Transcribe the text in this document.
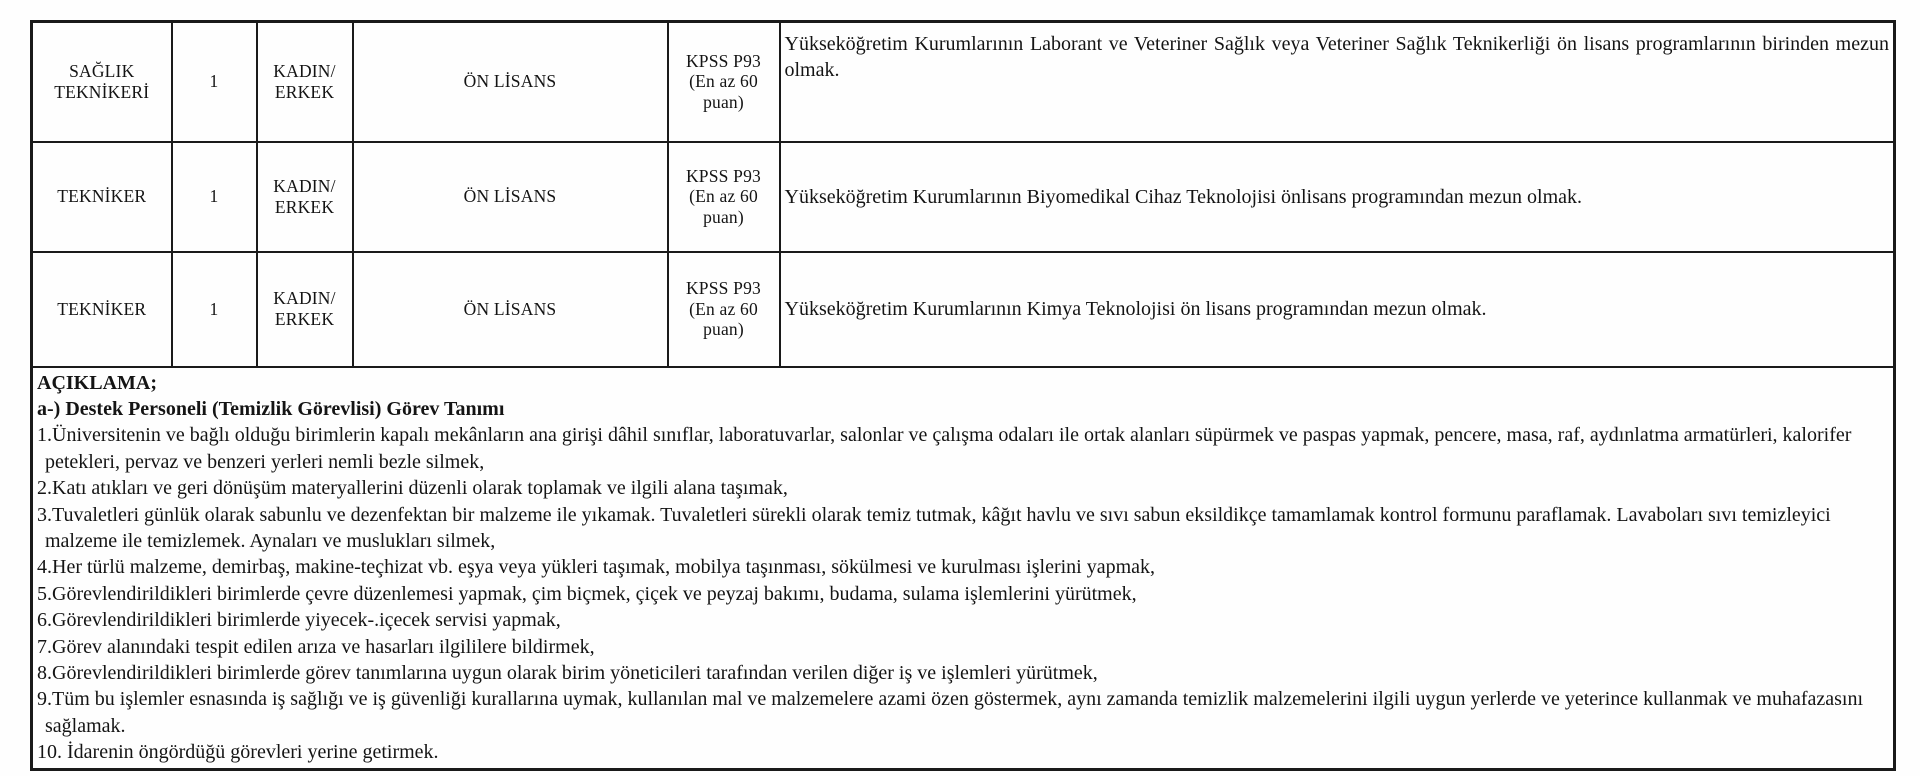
SAĞLIK TEKNİKERİ	1	KADIN/ ERKEK	ÖN LİSANS	KPSS P93 (En az 60 puan)	Yükseköğretim Kurumlarının Laborant ve Veteriner Sağlık veya Veteriner Sağlık Teknikerliği ön lisans programlarının birinden mezun olmak.
TEKNİKER	1	KADIN/ ERKEK	ÖN LİSANS	KPSS P93 (En az 60 puan)	Yükseköğretim Kurumlarının Biyomedikal Cihaz Teknolojisi önlisans programından mezun olmak.
TEKNİKER	1	KADIN/ ERKEK	ÖN LİSANS	KPSS P93 (En az 60 puan)	Yükseköğretim Kurumlarının Kimya Teknolojisi ön lisans programından mezun olmak.

AÇIKLAMA;

a-) Destek Personeli (Temizlik Görevlisi) Görev Tanımı

1.Üniversitenin ve bağlı olduğu birimlerin kapalı mekânların ana girişi dâhil sınıflar, laboratuvarlar, salonlar ve çalışma odaları ile ortak alanları süpürmek ve paspas yapmak, pencere, masa, raf, aydınlatma armatürleri, kalorifer petekleri, pervaz ve benzeri yerleri nemli bezle silmek,

2.Katı atıkları ve geri dönüşüm materyallerini düzenli olarak toplamak ve ilgili alana taşımak,

3.Tuvaletleri günlük olarak sabunlu ve dezenfektan bir malzeme ile yıkamak. Tuvaletleri sürekli olarak temiz tutmak, kâğıt havlu ve sıvı sabun eksildikçe tamamlamak kontrol formunu paraflamak. Lavaboları sıvı temizleyici malzeme ile temizlemek. Aynaları ve muslukları silmek,

4.Her türlü malzeme, demirbaş, makine-teçhizat vb. eşya veya yükleri taşımak, mobilya taşınması, sökülmesi ve kurulması işlerini yapmak,

5.Görevlendirildikleri birimlerde çevre düzenlemesi yapmak, çim biçmek, çiçek ve peyzaj bakımı, budama, sulama işlemlerini yürütmek,

6.Görevlendirildikleri birimlerde yiyecek-.içecek servisi yapmak,

7.Görev alanındaki tespit edilen arıza ve hasarları ilgililere bildirmek,

8.Görevlendirildikleri birimlerde görev tanımlarına uygun olarak birim yöneticileri tarafından verilen diğer iş ve işlemleri yürütmek,

9.Tüm bu işlemler esnasında iş sağlığı ve iş güvenliği kurallarına uymak, kullanılan mal ve malzemelere azami özen göstermek, aynı zamanda temizlik malzemelerini ilgili uygun yerlerde ve yeterince kullanmak ve muhafazasını sağlamak.

10. İdarenin öngördüğü görevleri yerine getirmek.
